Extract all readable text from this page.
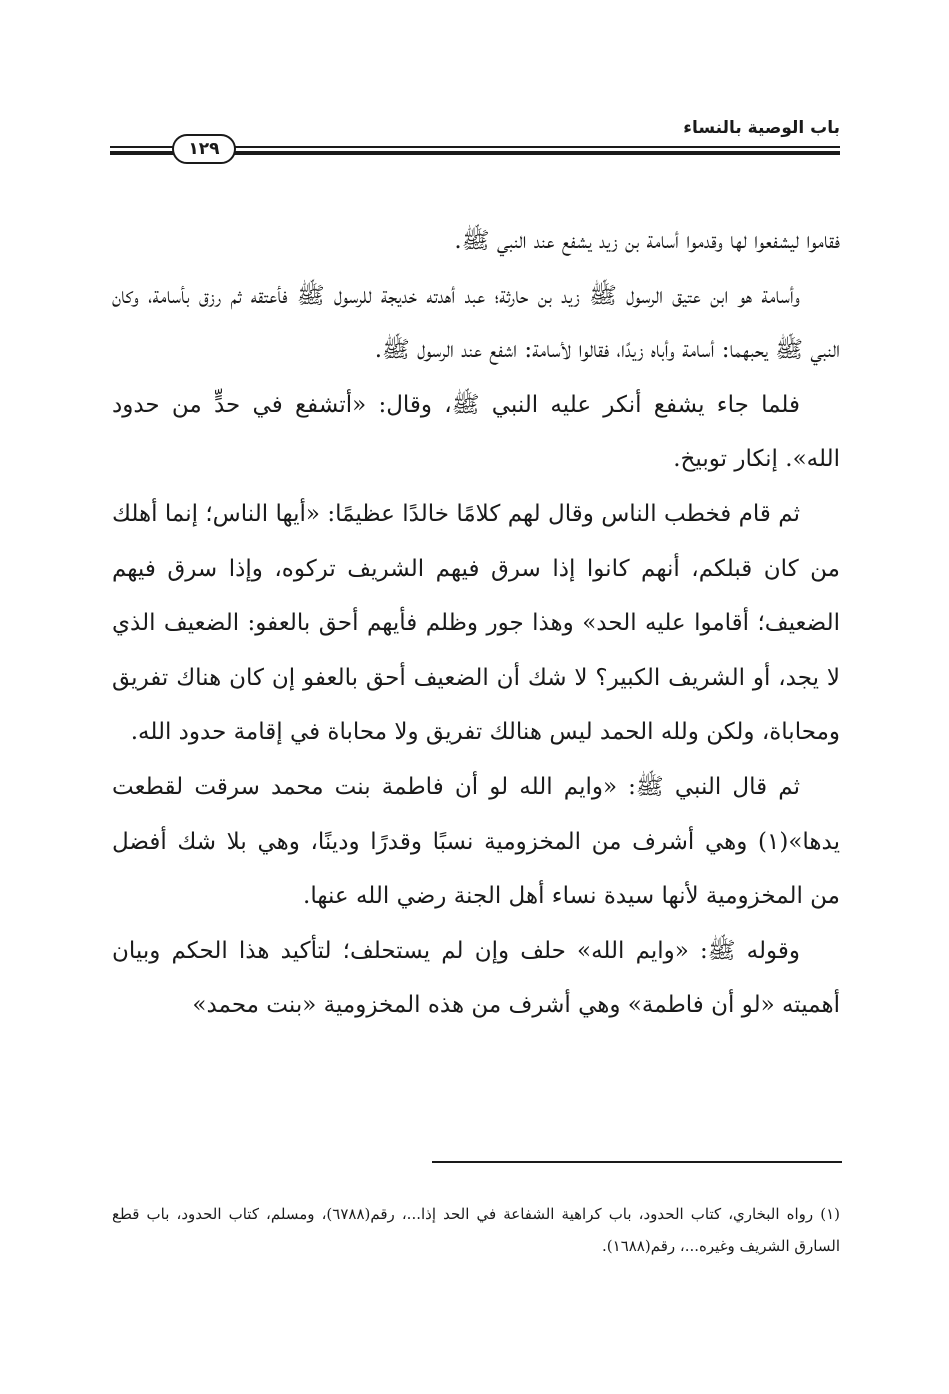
باب الوصية بالنساء
١٢٩

فقاموا ليشفعوا لها وقدموا أسامة بن زيد يشفع عند النبي ﷺ.

وأسامة هو ابن عتيق الرسول ﷺ زيد بن حارثة؛ عبد أهدته خديجة للرسول ﷺ فأعتقه ثم رزق بأسامة، وكان النبي ﷺ يحبهما: أسامة وأباه زيدًا، فقالوا لأسامة: اشفع عند الرسول ﷺ.

فلما جاء يشفع أنكر عليه النبي ﷺ، وقال: «أتشفع في حدٍّ من حدود الله». إنكار توبيخ.

ثم قام فخطب الناس وقال لهم كلامًا خالدًا عظيمًا: «أيها الناس؛ إنما أهلك من كان قبلكم، أنهم كانوا إذا سرق فيهم الشريف تركوه، وإذا سرق فيهم الضعيف؛ أقاموا عليه الحد» وهذا جور وظلم فأيهم أحق بالعفو: الضعيف الذي لا يجد، أو الشريف الكبير؟ لا شك أن الضعيف أحق بالعفو إن كان هناك تفريق ومحاباة، ولكن ولله الحمد ليس هنالك تفريق ولا محاباة في إقامة حدود الله.

ثم قال النبي ﷺ: «وايم الله لو أن فاطمة بنت محمد سرقت لقطعت يدها»(١) وهي أشرف من المخزومية نسبًا وقدرًا ودينًا، وهي بلا شك أفضل من المخزومية لأنها سيدة نساء أهل الجنة رضي الله عنها.

وقوله ﷺ: «وايم الله» حلف وإن لم يستحلف؛ لتأكيد هذا الحكم وبيان أهميته «لو أن فاطمة» وهي أشرف من هذه المخزومية «بنت محمد»

(١) رواه البخاري، كتاب الحدود، باب كراهية الشفاعة في الحد إذا...، رقم(٦٧٨٨)، ومسلم، كتاب الحدود، باب قطع السارق الشريف وغيره...، رقم(١٦٨٨).
